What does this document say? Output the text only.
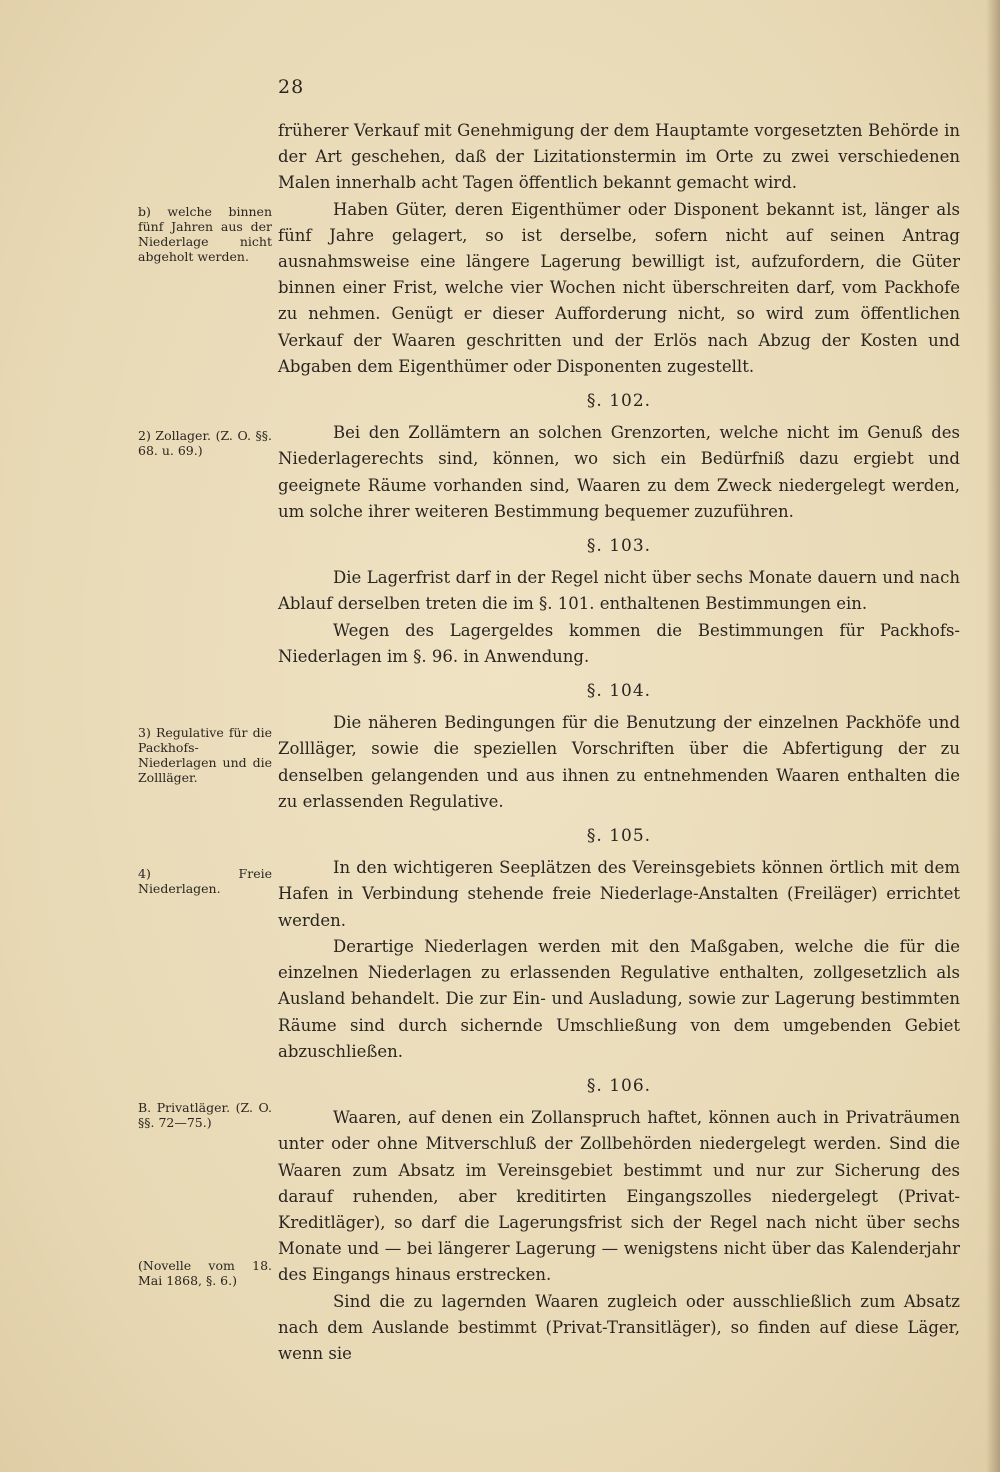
28
b) welche binnen fünf Jahren aus der Niederlage nicht abgeholt werden.
2) Zollager. (Z. O. §§. 68. u. 69.)
3) Regulative für die Packhofs-Niederlagen und die Zollläger.
4) Freie Niederlagen.
B. Privatläger. (Z. O. §§. 72—75.)
(Novelle vom 18. Mai 1868, §. 6.)

früherer Verkauf mit Genehmigung der dem Hauptamte vorgesetzten Behörde in der Art geschehen, daß der Lizitationstermin im Orte zu zwei verschiedenen Malen innerhalb acht Tagen öffentlich bekannt gemacht wird.

Haben Güter, deren Eigenthümer oder Disponent bekannt ist, länger als fünf Jahre gelagert, so ist derselbe, sofern nicht auf seinen Antrag ausnahmsweise eine längere Lagerung bewilligt ist, aufzufordern, die Güter binnen einer Frist, welche vier Wochen nicht überschreiten darf, vom Packhofe zu nehmen. Genügt er dieser Aufforderung nicht, so wird zum öffentlichen Verkauf der Waaren geschritten und der Erlös nach Abzug der Kosten und Abgaben dem Eigenthümer oder Disponenten zugestellt.

§. 102.

Bei den Zollämtern an solchen Grenzorten, welche nicht im Genuß des Niederlagerechts sind, können, wo sich ein Bedürfniß dazu ergiebt und geeignete Räume vorhanden sind, Waaren zu dem Zweck niedergelegt werden, um solche ihrer weiteren Bestimmung bequemer zuzuführen.

§. 103.

Die Lagerfrist darf in der Regel nicht über sechs Monate dauern und nach Ablauf derselben treten die im §. 101. enthaltenen Bestimmungen ein.

Wegen des Lagergeldes kommen die Bestimmungen für Packhofs-Niederlagen im §. 96. in Anwendung.

§. 104.

Die näheren Bedingungen für die Benutzung der einzelnen Packhöfe und Zollläger, sowie die speziellen Vorschriften über die Abfertigung der zu denselben gelangenden und aus ihnen zu entnehmenden Waaren enthalten die zu erlassenden Regulative.

§. 105.

In den wichtigeren Seeplätzen des Vereinsgebiets können örtlich mit dem Hafen in Verbindung stehende freie Niederlage-Anstalten (Freiläger) errichtet werden.

Derartige Niederlagen werden mit den Maßgaben, welche die für die einzelnen Niederlagen zu erlassenden Regulative enthalten, zollgesetzlich als Ausland behandelt. Die zur Ein- und Ausladung, sowie zur Lagerung bestimmten Räume sind durch sichernde Umschließung von dem umgebenden Gebiet abzuschließen.

§. 106.

Waaren, auf denen ein Zollanspruch haftet, können auch in Privaträumen unter oder ohne Mitverschluß der Zollbehörden niedergelegt werden. Sind die Waaren zum Absatz im Vereinsgebiet bestimmt und nur zur Sicherung des darauf ruhenden, aber kreditirten Eingangszolles niedergelegt (Privat-Kreditläger), so darf die Lagerungsfrist sich der Regel nach nicht über sechs Monate und — bei längerer Lagerung — wenigstens nicht über das Kalenderjahr des Eingangs hinaus erstrecken.

Sind die zu lagernden Waaren zugleich oder ausschließlich zum Absatz nach dem Auslande bestimmt (Privat-Transitläger), so finden auf diese Läger, wenn sie
